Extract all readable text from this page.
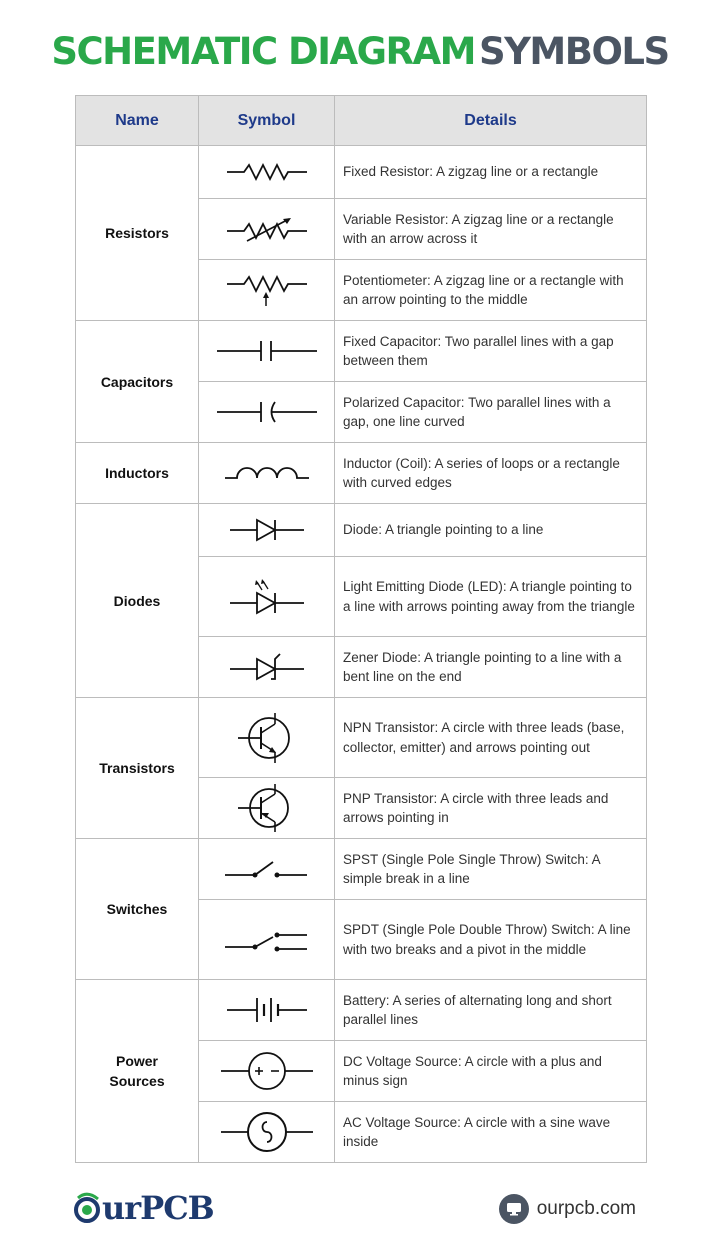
SCHEMATIC DIAGRAM SYMBOLS
Name	Symbol	Details
Resistors		Fixed Resistor: A zigzag line or a rectangle

	Variable Resistor: A zigzag line or a rectangle with an arrow across it

	Potentiometer: A zigzag line or a rectangle with an arrow pointing to the middle
Capacitors		Fixed Capacitor: Two parallel lines with a gap between them

	Polarized Capacitor: Two parallel lines with a gap, one line curved
Inductors		Inductor (Coil): A series of loops or a rectangle with curved edges
Diodes		Diode: A triangle pointing to a line

	Light Emitting Diode (LED): A triangle pointing to a line with arrows pointing away from the triangle

	Zener Diode: A triangle pointing to a line with a bent line on the end
Transistors		NPN Transistor: A circle with three leads (base, collector, emitter) and arrows pointing out

	PNP Transistor: A circle with three leads and arrows pointing in
Switches		SPST (Single Pole Single Throw) Switch: A simple break in a line

	SPDT (Single Pole Double Throw) Switch: A line with two breaks and a pivot in the middle
Power Sources		Battery: A series of alternating long and short parallel lines

	DC Voltage Source: A circle with a plus and minus sign

	AC Voltage Source: A circle with a sine wave inside
urPCB	ourpcb.com
